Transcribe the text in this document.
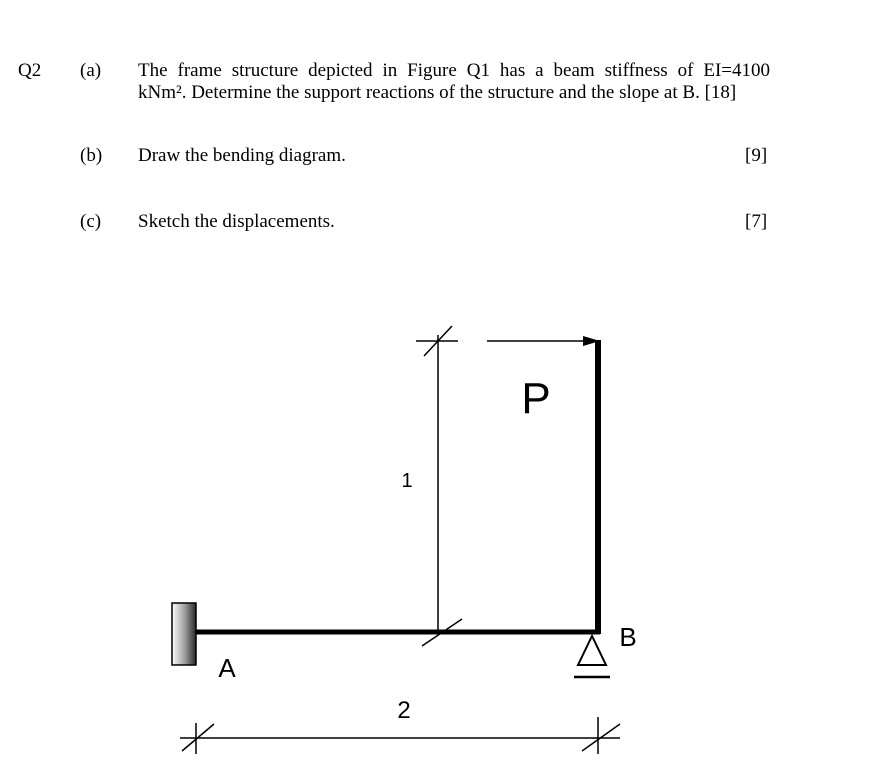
Q2 (a) The frame structure depicted in Figure Q1 has a beam stiffness of EI=4100
kNm². Determine the support reactions of the structure and the slope at B. [18]
(b) Draw the bending diagram.	[9]
(c) Sketch the displacements.	[7]
1
P
A
B
2
